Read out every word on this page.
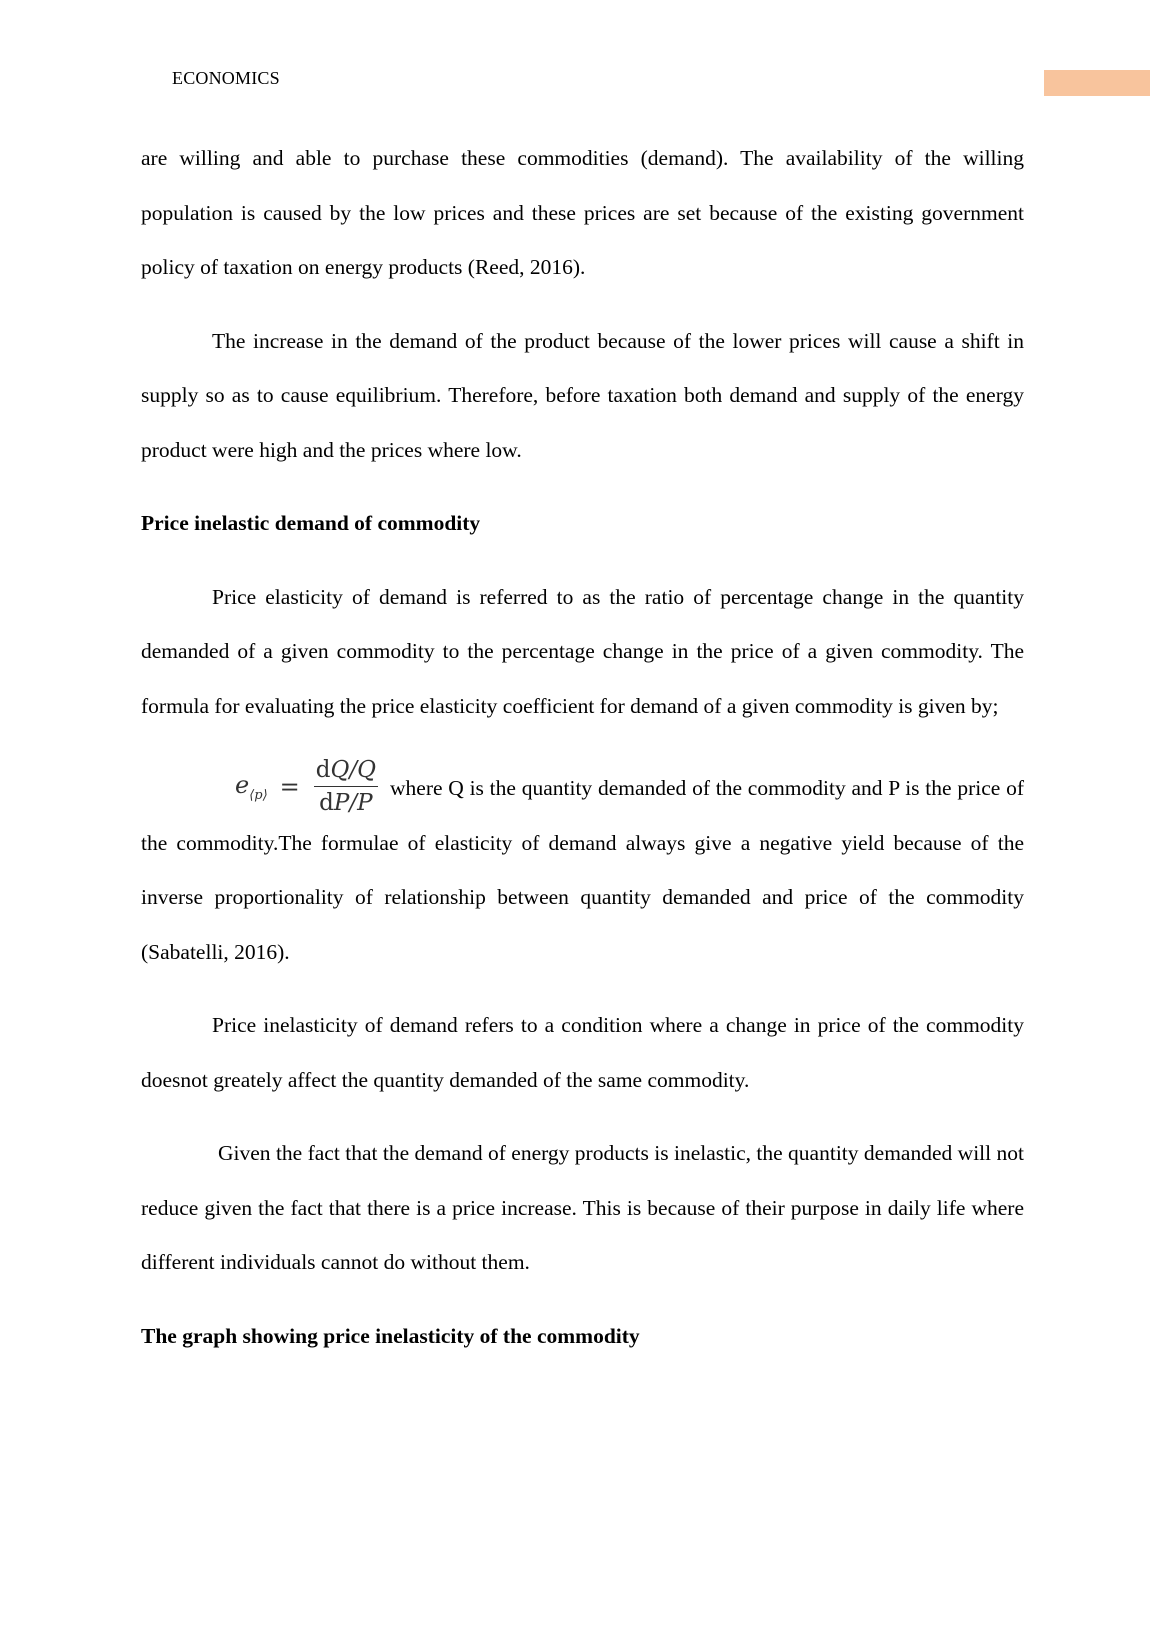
ECONOMICS

are willing and able to purchase these commodities (demand). The availability of the willing population is caused by the low prices and these prices are set because of the existing government policy of taxation on energy products (Reed, 2016).

The increase in the demand of the product because of the lower prices will cause a shift in supply so as to cause equilibrium. Therefore, before taxation both demand and supply of the energy product were high and the prices where low.

Price inelastic demand of commodity

Price elasticity of demand is referred to as the ratio of percentage change in the quantity demanded of a given commodity to the percentage change in the price of a given commodity. The formula for evaluating the price elasticity coefficient for demand of a given commodity is given by;

$e_{⟨p⟩} = \frac{dQ/Q}{dP/P}$ where Q is the quantity demanded of the commodity and P is the price of the commodity.The formulae of elasticity of demand always give a negative yield because of the inverse proportionality of relationship between quantity demanded and price of the commodity (Sabatelli, 2016).

Price inelasticity of demand refers to a condition where a change in price of the commodity doesnot greately affect the quantity demanded of the same commodity.

Given the fact that the demand of energy products is inelastic, the quantity demanded will not reduce given the fact that there is a price increase. This is because of their purpose in daily life where different individuals cannot do without them.

The graph showing price inelasticity of the commodity
